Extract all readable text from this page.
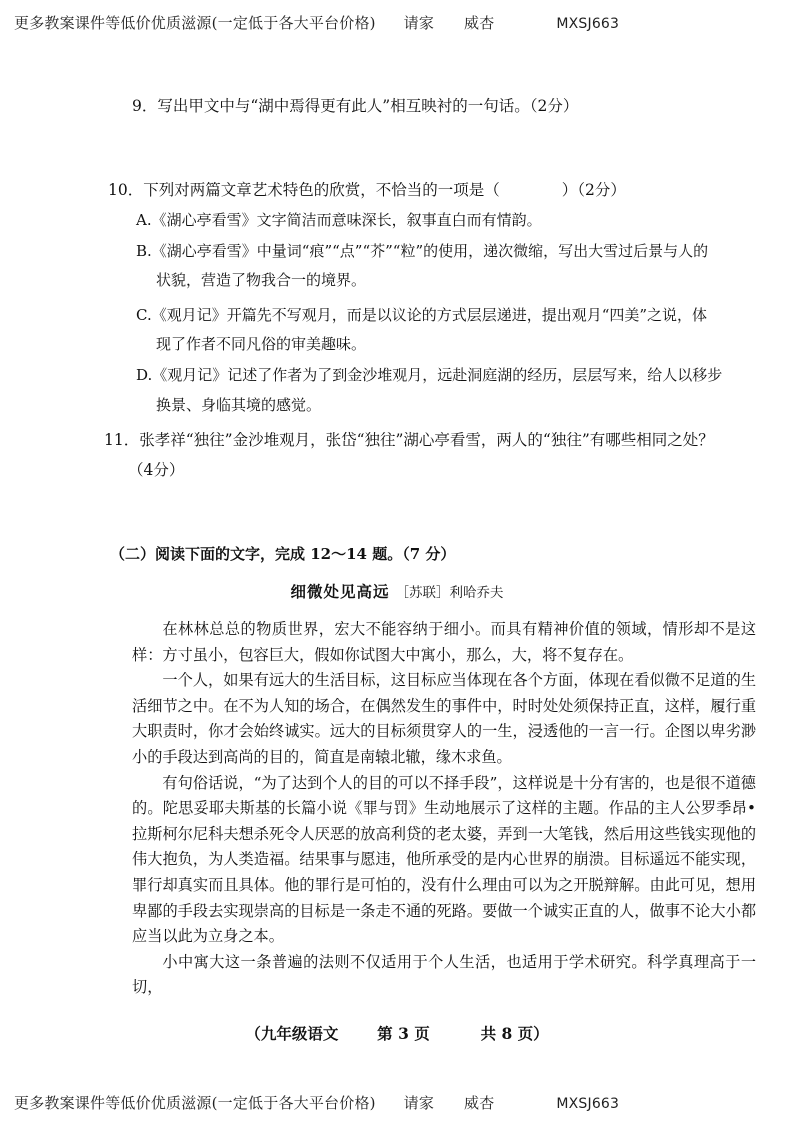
更多教案课件等低价优质滋源(一定低于各大平台价格) 请家 威杏	MXSJ663
9．写出甲文中与“湖中焉得更有此人”相互映衬的一句话。（2分）
10．下列对两篇文章艺术特色的欣赏，不恰当的一项是（	）（2分）
A.《湖心亭看雪》文字简洁而意味深长，叙事直白而有情韵。
B.《湖心亭看雪》中量词“痕”“点”“芥”“粒”的使用，递次微缩，写出大雪过后景与人的
状貌，营造了物我合一的境界。
C.《观月记》开篇先不写观月，而是以议论的方式层层递进，提出观月“四美”之说，体
现了作者不同凡俗的审美趣味。
D.《观月记》记述了作者为了到金沙堆观月，远赴洞庭湖的经历，层层写来，给人以移步
换景、身临其境的感觉。
11．张孝祥“独往”金沙堆观月，张岱“独往”湖心亭看雪，两人的“独往”有哪些相同之处？
（4分）
（二）阅读下面的文字，完成 12～14 题。（7 分）
细微处见高远 ［苏联］利哈乔夫

在林林总总的物质世界，宏大不能容纳于细小。而具有精神价值的领域，情形却不是这样：方寸虽小，包容巨大，假如你试图大中寓小，那么，大，将不复存在。

一个人，如果有远大的生活目标，这目标应当体现在各个方面，体现在看似微不足道的生活细节之中。在不为人知的场合，在偶然发生的事件中，时时处处须保持正直，这样，履行重大职责时，你才会始终诚实。远大的目标须贯穿人的一生，浸透他的一言一行。企图以卑劣渺小的手段达到高尚的目的，简直是南辕北辙，缘木求鱼。

有句俗话说，“为了达到个人的目的可以不择手段”，这样说是十分有害的，也是很不道德的。陀思妥耶夫斯基的长篇小说《罪与罚》生动地展示了这样的主题。作品的主人公罗季昂•拉斯柯尔尼科夫想杀死令人厌恶的放高利贷的老太婆，弄到一大笔钱，然后用这些钱实现他的伟大抱负，为人类造福。结果事与愿违，他所承受的是内心世界的崩溃。目标遥远不能实现，罪行却真实而且具体。他的罪行是可怕的，没有什么理由可以为之开脱辩解。由此可见，想用卑鄙的手段去实现崇高的目标是一条走不通的死路。要做一个诚实正直的人，做事不论大小都应当以此为立身之本。

小中寓大这一条普遍的法则不仅适用于个人生活，也适用于学术研究。科学真理高于一切，

（九年级语文	第 3 页	共 8 页）
更多教案课件等低价优质滋源(一定低于各大平台价格) 请家 威杏	MXSJ663
